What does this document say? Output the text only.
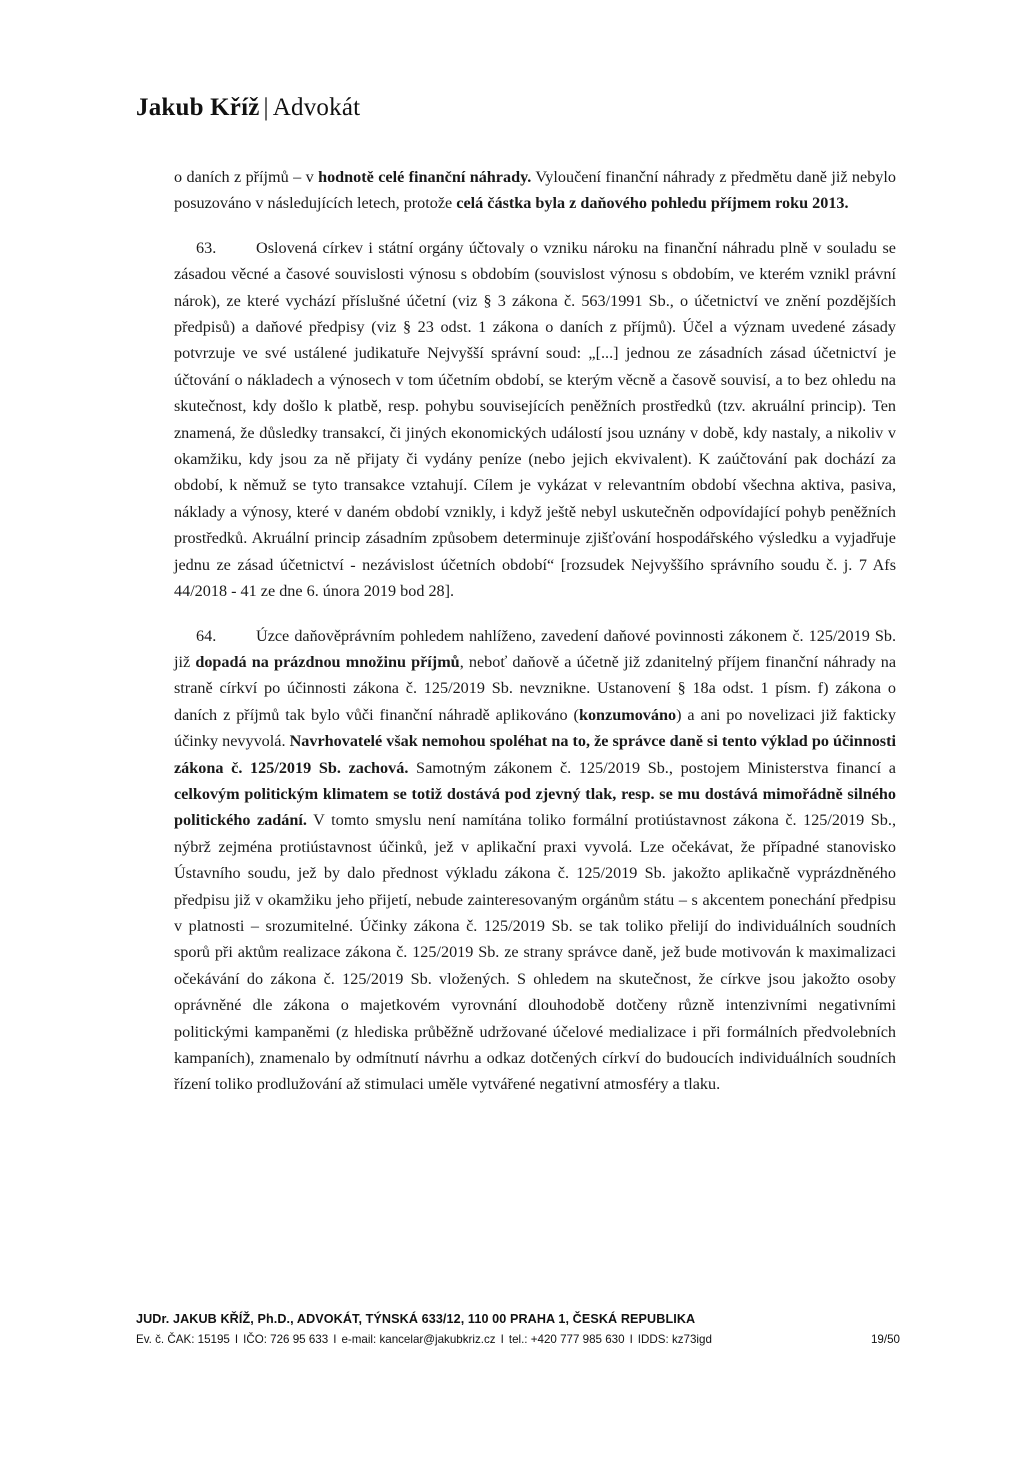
Jakub Kříž | Advokát

o daních z příjmů – v hodnotě celé finanční náhrady. Vyloučení finanční náhrady z předmětu daně již nebylo posuzováno v následujících letech, protože celá částka byla z daňového pohledu příjmem roku 2013.

63. Oslovená církev i státní orgány účtovaly o vzniku nároku na finanční náhradu plně v souladu se zásadou věcné a časové souvislosti výnosu s obdobím (souvislost výnosu s obdobím, ve kterém vznikl právní nárok), ze které vychází příslušné účetní (viz § 3 zákona č. 563/1991 Sb., o účetnictví ve znění pozdějších předpisů) a daňové předpisy (viz § 23 odst. 1 zákona o daních z příjmů). Účel a význam uvedené zásady potvrzuje ve své ustálené judikatuře Nejvyšší správní soud: „[...] jednou ze zásadních zásad účetnictví je účtování o nákladech a výnosech v tom účetním období, se kterým věcně a časově souvisí, a to bez ohledu na skutečnost, kdy došlo k platbě, resp. pohybu souvisejících peněžních prostředků (tzv. akruální princip). Ten znamená, že důsledky transakcí, či jiných ekonomických událostí jsou uznány v době, kdy nastaly, a nikoliv v okamžiku, kdy jsou za ně přijaty či vydány peníze (nebo jejich ekvivalent). K zaúčtování pak dochází za období, k němuž se tyto transakce vztahují. Cílem je vykázat v relevantním období všechna aktiva, pasiva, náklady a výnosy, které v daném období vznikly, i když ještě nebyl uskutečněn odpovídající pohyb peněžních prostředků. Akruální princip zásadním způsobem determinuje zjišťování hospodářského výsledku a vyjadřuje jednu ze zásad účetnictví - nezávislost účetních období“ [rozsudek Nejvyššího správního soudu č. j. 7 Afs 44/2018 - 41 ze dne 6. února 2019 bod 28].

64. Úzce daňověprávním pohledem nahlíženo, zavedení daňové povinnosti zákonem č. 125/2019 Sb. již dopadá na prázdnou množinu příjmů, neboť daňově a účetně již zdanitelný příjem finanční náhrady na straně církví po účinnosti zákona č. 125/2019 Sb. nevznikne. Ustanovení § 18a odst. 1 písm. f) zákona o daních z příjmů tak bylo vůči finanční náhradě aplikováno (konzumováno) a ani po novelizaci již fakticky účinky nevyvolá. Navrhovatelé však nemohou spoléhat na to, že správce daně si tento výklad po účinnosti zákona č. 125/2019 Sb. zachová. Samotným zákonem č. 125/2019 Sb., postojem Ministerstva financí a celkovým politickým klimatem se totiž dostává pod zjevný tlak, resp. se mu dostává mimořádně silného politického zadání. V tomto smyslu není namítána toliko formální protiústavnost zákona č. 125/2019 Sb., nýbrž zejména protiústavnost účinků, jež v aplikační praxi vyvolá. Lze očekávat, že případné stanovisko Ústavního soudu, jež by dalo přednost výkladu zákona č. 125/2019 Sb. jakožto aplikačně vyprázdněného předpisu již v okamžiku jeho přijetí, nebude zainteresovaným orgánům státu – s akcentem ponechání předpisu v platnosti – srozumitelné. Účinky zákona č. 125/2019 Sb. se tak toliko přelijí do individuálních soudních sporů při aktům realizace zákona č. 125/2019 Sb. ze strany správce daně, jež bude motivován k maximalizaci očekávání do zákona č. 125/2019 Sb. vložených. S ohledem na skutečnost, že církve jsou jakožto osoby oprávněné dle zákona o majetkovém vyrovnání dlouhodobě dotčeny různě intenzivními negativními politickými kampaněmi (z hlediska průběžně udržované účelové medializace i při formálních předvolebních kampaních), znamenalo by odmítnutí návrhu a odkaz dotčených církví do budoucích individuálních soudních řízení toliko prodlužování až stimulaci uměle vytvářené negativní atmosféry a tlaku.

JUDr. JAKUB KŘÍŽ, Ph.D., ADVOKÁT, TÝNSKÁ 633/12, 110 00 PRAHA 1, ČESKÁ REPUBLIKA
Ev. č. ČAK: 15195 I IČO: 726 95 633 I e-mail: kancelar@jakubkriz.cz I tel.: +420 777 985 630 I IDDS: kz73igd	19/50
